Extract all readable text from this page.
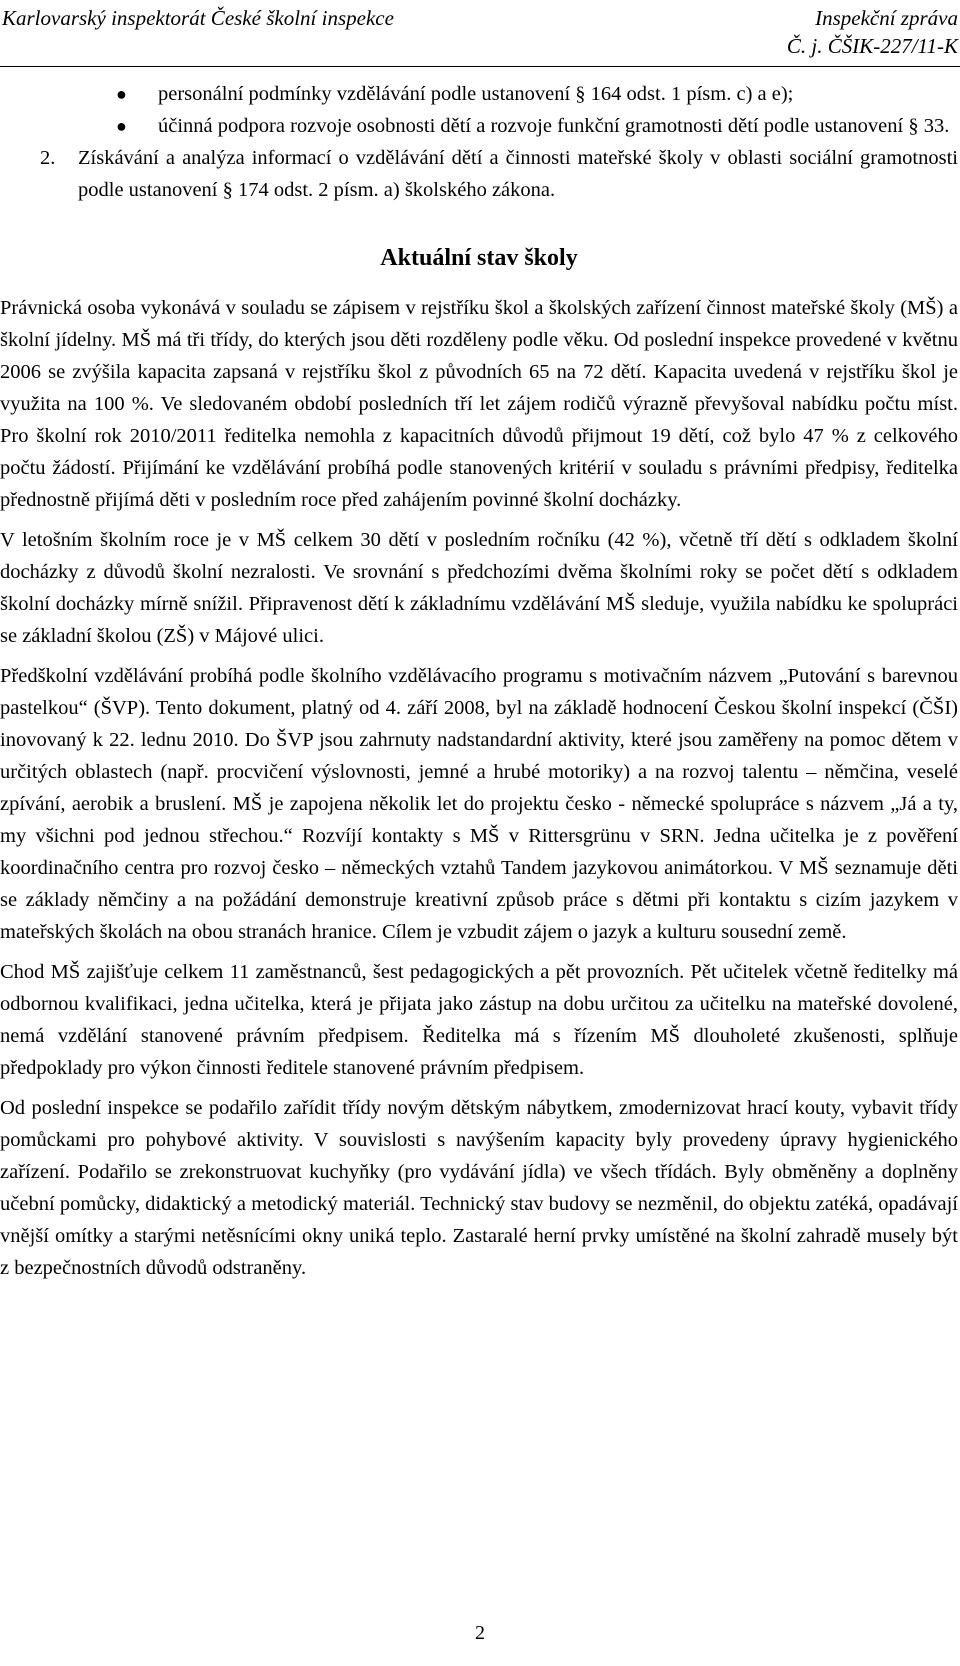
Karlovarský inspektorát České školní inspekce	Inspekční zpráva
Č. j. ČŠIK-227/11-K
● personální podmínky vzdělávání podle ustanovení § 164 odst. 1 písm. c) a e);
● účinná podpora rozvoje osobnosti dětí a rozvoje funkční gramotnosti dětí podle ustanovení § 33.
2. Získávání a analýza informací o vzdělávání dětí a činnosti mateřské školy v oblasti sociální gramotnosti podle ustanovení § 174 odst. 2 písm. a) školského zákona.
Aktuální stav školy

Právnická osoba vykonává v souladu se zápisem v rejstříku škol a školských zařízení činnost mateřské školy (MŠ) a školní jídelny. MŠ má tři třídy, do kterých jsou děti rozděleny podle věku. Od poslední inspekce provedené v květnu 2006 se zvýšila kapacita zapsaná v rejstříku škol z původních 65 na 72 dětí. Kapacita uvedená v rejstříku škol je využita na 100 %. Ve sledovaném období posledních tří let zájem rodičů výrazně převyšoval nabídku počtu míst. Pro školní rok 2010/2011 ředitelka nemohla z kapacitních důvodů přijmout 19 dětí, což bylo 47 % z celkového počtu žádostí. Přijímání ke vzdělávání probíhá podle stanovených kritérií v souladu s právními předpisy, ředitelka přednostně přijímá děti v posledním roce před zahájením povinné školní docházky.

V letošním školním roce je v MŠ celkem 30 dětí v posledním ročníku (42 %), včetně tří dětí s odkladem školní docházky z důvodů školní nezralosti. Ve srovnání s předchozími dvěma školními roky se počet dětí s odkladem školní docházky mírně snížil. Připravenost dětí k základnímu vzdělávání MŠ sleduje, využila nabídku ke spolupráci se základní školou (ZŠ) v Májové ulici.

Předškolní vzdělávání probíhá podle školního vzdělávacího programu s motivačním názvem „Putování s barevnou pastelkou“ (ŠVP). Tento dokument, platný od 4. září 2008, byl na základě hodnocení Českou školní inspekcí (ČŠI) inovovaný k 22. lednu 2010. Do ŠVP jsou zahrnuty nadstandardní aktivity, které jsou zaměřeny na pomoc dětem v určitých oblastech (např. procvičení výslovnosti, jemné a hrubé motoriky) a na rozvoj talentu – němčina, veselé zpívání, aerobik a bruslení. MŠ je zapojena několik let do projektu česko - německé spolupráce s názvem „Já a ty, my všichni pod jednou střechou.“ Rozvíjí kontakty s MŠ v Rittersgrünu v SRN. Jedna učitelka je z pověření koordinačního centra pro rozvoj česko – německých vztahů Tandem jazykovou animátorkou. V MŠ seznamuje děti se základy němčiny a na požádání demonstruje kreativní způsob práce s dětmi při kontaktu s cizím jazykem v mateřských školách na obou stranách hranice. Cílem je vzbudit zájem o jazyk a kulturu sousední země.

Chod MŠ zajišťuje celkem 11 zaměstnanců, šest pedagogických a pět provozních. Pět učitelek včetně ředitelky má odbornou kvalifikaci, jedna učitelka, která je přijata jako zástup na dobu určitou za učitelku na mateřské dovolené, nemá vzdělání stanovené právním předpisem. Ředitelka má s řízením MŠ dlouholeté zkušenosti, splňuje předpoklady pro výkon činnosti ředitele stanovené právním předpisem.

Od poslední inspekce se podařilo zařídit třídy novým dětským nábytkem, zmodernizovat hrací kouty, vybavit třídy pomůckami pro pohybové aktivity. V souvislosti s navýšením kapacity byly provedeny úpravy hygienického zařízení. Podařilo se zrekonstruovat kuchyňky (pro vydávání jídla) ve všech třídách. Byly obměněny a doplněny učební pomůcky, didaktický a metodický materiál. Technický stav budovy se nezměnil, do objektu zatéká, opadávají vnější omítky a starými netěsnícími okny uniká teplo. Zastaralé herní prvky umístěné na školní zahradě musely být z bezpečnostních důvodů odstraněny.

2
